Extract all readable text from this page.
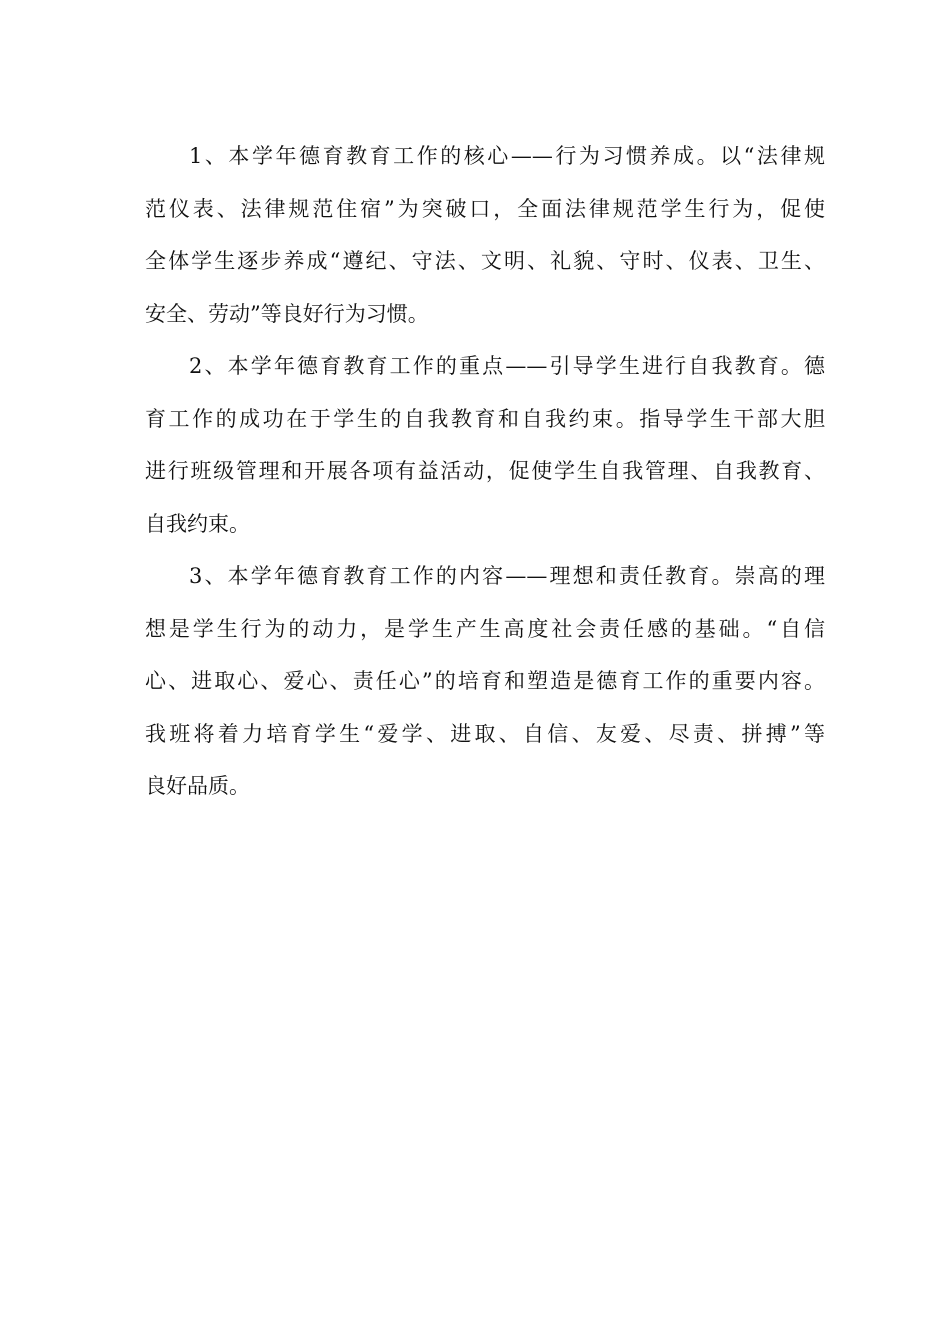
1、本学年德育教育工作的核心——行为习惯养成。以“法律规
范仪表、法律规范住宿”为突破口，全面法律规范学生行为，促使
全体学生逐步养成“遵纪、守法、文明、礼貌、守时、仪表、卫生、
安全、劳动”等良好行为习惯。
2、本学年德育教育工作的重点——引导学生进行自我教育。德
育工作的成功在于学生的自我教育和自我约束。指导学生干部大胆
进行班级管理和开展各项有益活动，促使学生自我管理、自我教育、
自我约束。
3、本学年德育教育工作的内容——理想和责任教育。崇高的理
想是学生行为的动力，是学生产生高度社会责任感的基础。“自信
心、进取心、爱心、责任心”的培育和塑造是德育工作的重要内容。
我班将着力培育学生“爱学、进取、自信、友爱、尽责、拼搏”等
良好品质。
